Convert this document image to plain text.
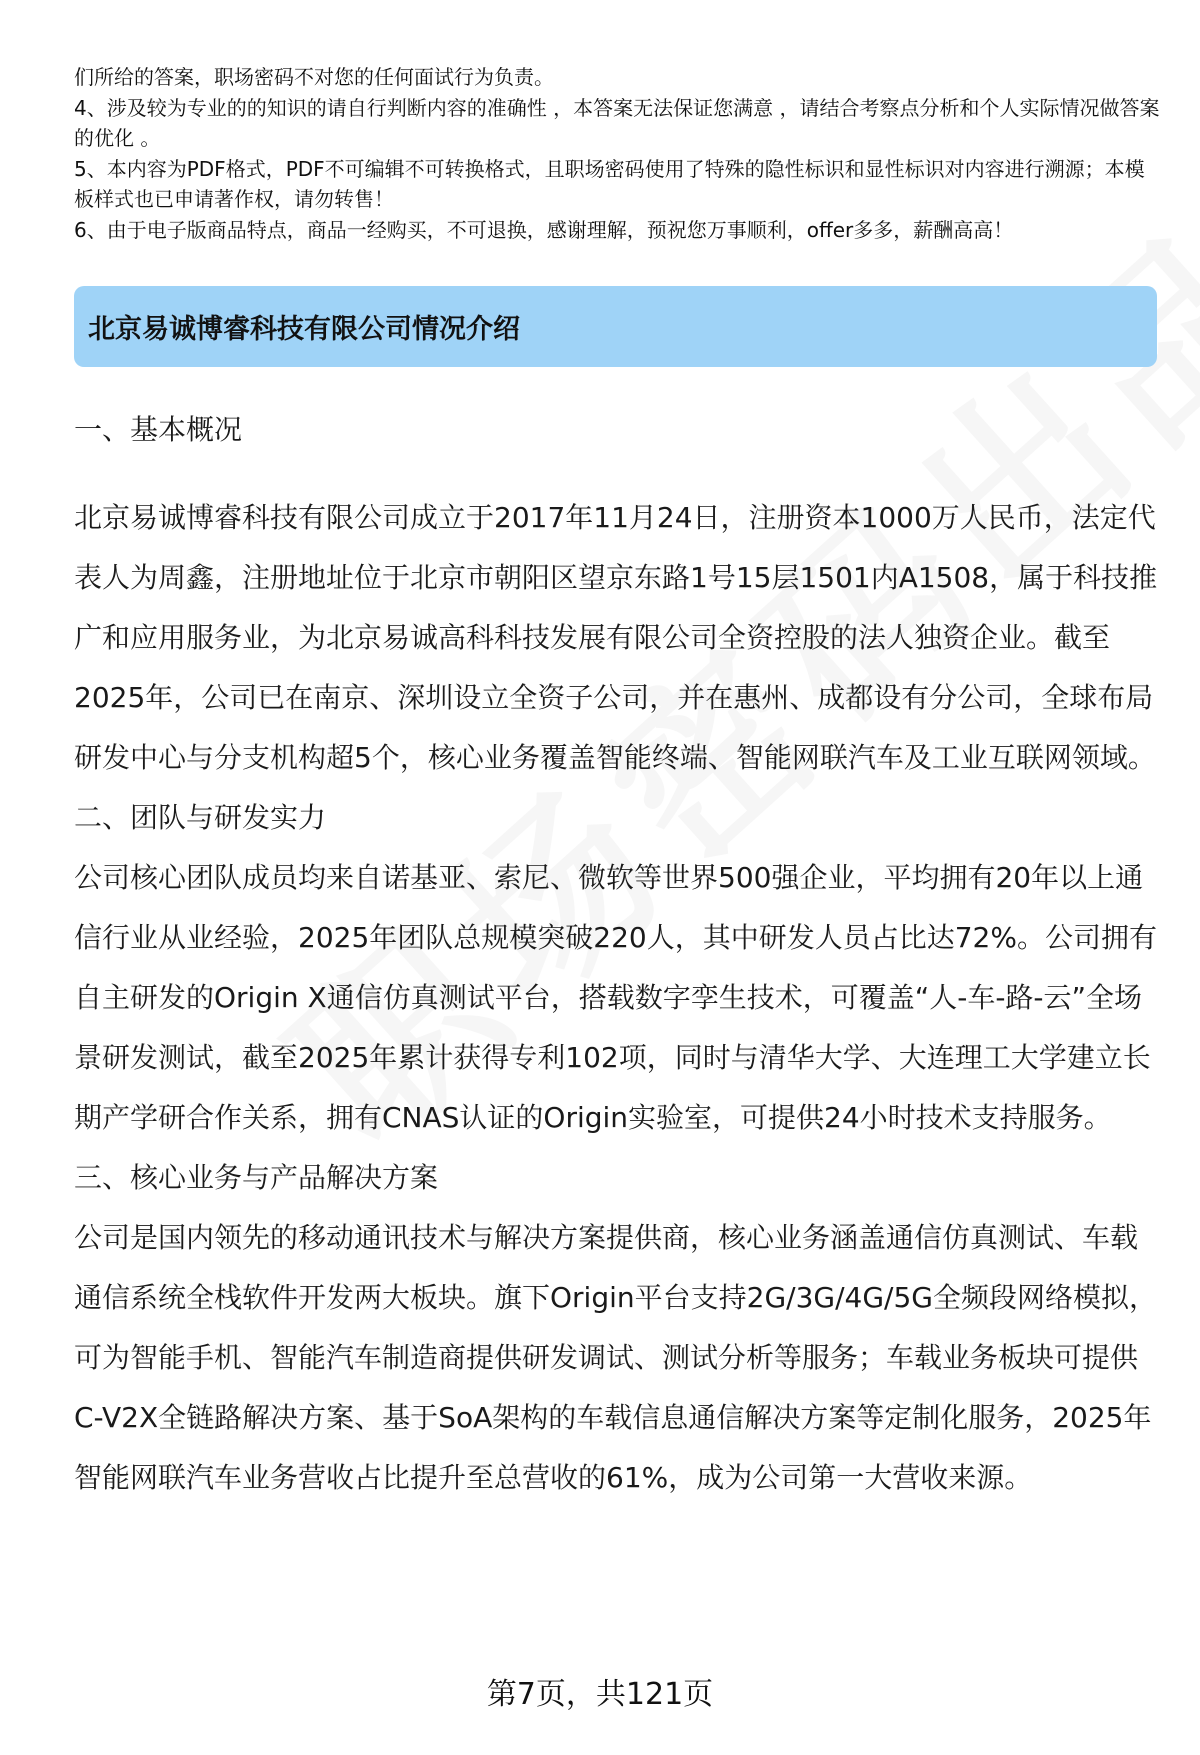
们所给的答案，职场密码不对您的任何面试行为负责。

4、涉及较为专业的的知识的请自行判断内容的准确性 ，本答案无法保证您满意 ，请结合考察点分析和个人实际情况做答案的优化 。

5、本内容为PDF格式，PDF不可编辑不可转换格式，且职场密码使用了特殊的隐性标识和显性标识对内容进行溯源；本模板样式也已申请著作权，请勿转售！

6、由于电子版商品特点，商品一经购买，不可退换，感谢理解，预祝您万事顺利，offer多多，薪酬高高！

北京易诚博睿科技有限公司情况介绍

一、基本概况

北京易诚博睿科技有限公司成立于2017年11月24日，注册资本1000万人民币，法定代表人为周鑫，注册地址位于北京市朝阳区望京东路1号15层1501内A1508，属于科技推广和应用服务业，为北京易诚高科科技发展有限公司全资控股的法人独资企业。截至2025年，公司已在南京、深圳设立全资子公司，并在惠州、成都设有分公司，全球布局研发中心与分支机构超5个，核心业务覆盖智能终端、智能网联汽车及工业互联网领域。

二、团队与研发实力

公司核心团队成员均来自诺基亚、索尼、微软等世界500强企业，平均拥有20年以上通信行业从业经验，2025年团队总规模突破220人，其中研发人员占比达72%。公司拥有自主研发的Origin X通信仿真测试平台，搭载数字孪生技术，可覆盖“人-车-路-云”全场景研发测试，截至2025年累计获得专利102项，同时与清华大学、大连理工大学建立长期产学研合作关系，拥有CNAS认证的Origin实验室，可提供24小时技术支持服务。

三、核心业务与产品解决方案

公司是国内领先的移动通讯技术与解决方案提供商，核心业务涵盖通信仿真测试、车载通信系统全栈软件开发两大板块。旗下Origin平台支持2G/3G/4G/5G全频段网络模拟，可为智能手机、智能汽车制造商提供研发调试、测试分析等服务；车载业务板块可提供C-V2X全链路解决方案、基于SoA架构的车载信息通信解决方案等定制化服务，2025年智能网联汽车业务营收占比提升至总营收的61%，成为公司第一大营收来源。

第7页，共121页
